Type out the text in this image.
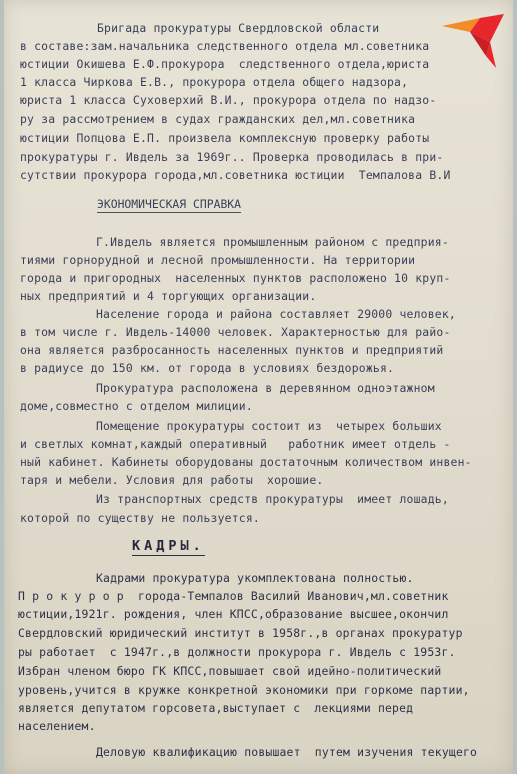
Бригада прокуратуры Свердловской области
в составе:зам.начальника следственного отдела мл.советника
юстиции Окишева Е.Ф.прокурора  следственного отдела,юриста
1 класса Чиркова Е.В., прокурора отдела общего надзора,
юриста 1 класса Суховерхий В.И., прокурора отдела по надзо-
ру за рассмотрением в судах гражданских дел,мл.советника
юстиции Попцова Е.П. произвела комплексную проверку работы
прокуратуры г. Ивдель за 1969г.. Проверка проводилась в при-
сутствии прокурора города,мл.советника юстиции  Темпалова В.И
ЭКОНОМИЧЕСКАЯ СПРАВКА
Г.Ивдель является промышленным районом с предприя-
тиями горнорудной и лесной промышленности. На территории
города и пригородных  населенных пунктов расположено 10 круп-
ных предприятий и 4 торгующих организации.
Население города и района составляет 29000 человек,
в том числе г. Ивдель-14000 человек. Характерностью для райо-
она является разбросанность населенных пунктов и предприятий
в радиусе до 150 км. от города в условиях бездорожья.
Прокуратура расположена в деревянном одноэтажном
доме,совместно с отделом милиции.
Помещение прокуратуры состоит из  четырех больших
и светлых комнат,каждый оперативный   работник имеет отдель -
ный кабинет. Кабинеты оборудованы достаточным количеством инвен-
таря и мебели. Условия для работы  хорошие.
Из транспортных средств прокуратуры  имеет лошадь,
которой по существу не пользуется.
КАДРЫ.
Кадрами прокуратура укомплектована полностью.
П р о к у р о р  города-Темпалов Василий Иванович,мл.советник
юстиции,1921г. рождения, член КПСС,образование высшее,окончил
Свердловский юридический институт в 1958г.,в органах прокуратур
ры работает  с 1947г.,в должности прокурора г. Ивдель с 1953г.
Избран членом бюро ГК КПСС,повышает свой идейно-политический
уровень,учится в кружке конкретной экономики при горкоме партии,
является депутатом горсовета,выступает с  лекциями перед
населением.
Деловую квалификацию повышает  путем изучения текущего
